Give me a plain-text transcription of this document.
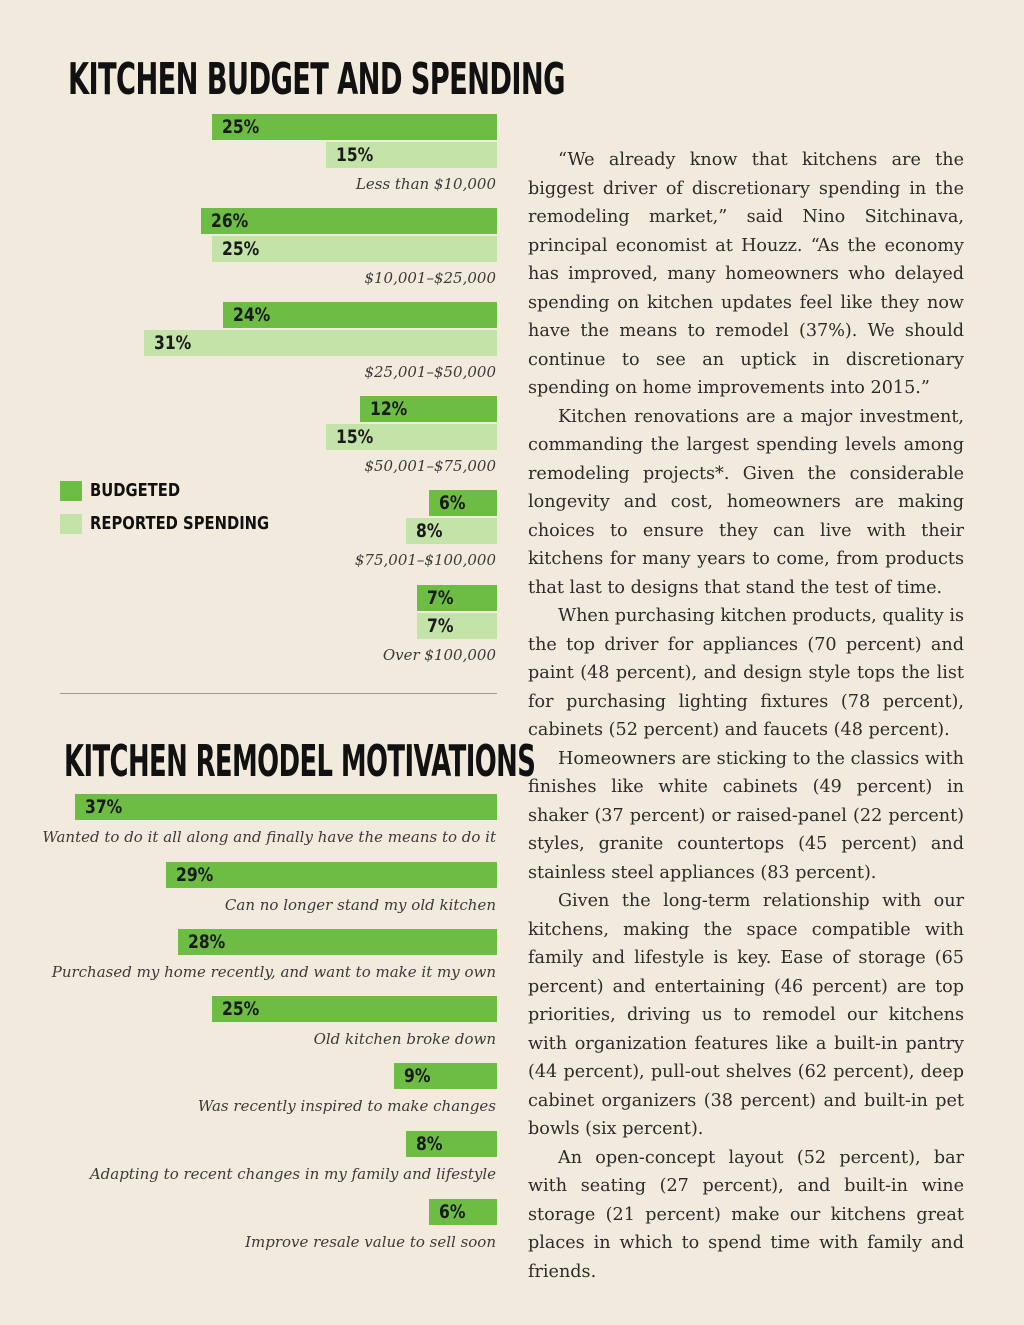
KITCHEN BUDGET AND SPENDING
25%
15%
Less than $10,000
26%
25%
$10,001–$25,000
24%
31%
$25,001–$50,000
12%
15%
$50,001–$75,000
6%
8%
$75,001–$100,000
7%
7%
Over $100,000
BUDGETED
REPORTED SPENDING
KITCHEN REMODEL MOTIVATIONS
37%
Wanted to do it all along and finally have the means to do it
29%
Can no longer stand my old kitchen
28%
Purchased my home recently, and want to make it my own
25%
Old kitchen broke down
9%
Was recently inspired to make changes
8%
Adapting to recent changes in my family and lifestyle
6%
Improve resale value to sell soon

“We already know that kitchens are the biggest driver of discretionary spending in the remodeling market,” said Nino Sitchinava, principal economist at Houzz. “As the economy has improved, many homeowners who delayed spending on kitchen updates feel like they now have the means to remodel (37%). We should continue to see an uptick in discretionary spending on home improvements into 2015.”

Kitchen renovations are a major investment, commanding the largest spending levels among remodeling projects*. Given the considerable longevity and cost, homeowners are making choices to ensure they can live with their kitchens for many years to come, from products that last to designs that stand the test of time.

When purchasing kitchen products, quality is the top driver for appliances (70 percent) and paint (48 percent), and design style tops the list for purchasing lighting fixtures (78 percent), cabinets (52 percent) and faucets (48 percent).

Homeowners are sticking to the classics with finishes like white cabinets (49 percent) in shaker (37 percent) or raised-panel (22 percent) styles, granite countertops (45 percent) and stainless steel appliances (83 percent).

Given the long-term relationship with our kitchens, making the space compatible with family and lifestyle is key. Ease of storage (65 percent) and entertaining (46 percent) are top priorities, driving us to remodel our kitchens with organization features like a built-in pantry (44 percent), pull-out shelves (62 percent), deep cabinet organizers (38 percent) and built-in pet bowls (six percent).

An open-concept layout (52 percent), bar with seating (27 percent), and built-in wine storage (21 percent) make our kitchens great places in which to spend time with family and friends.
